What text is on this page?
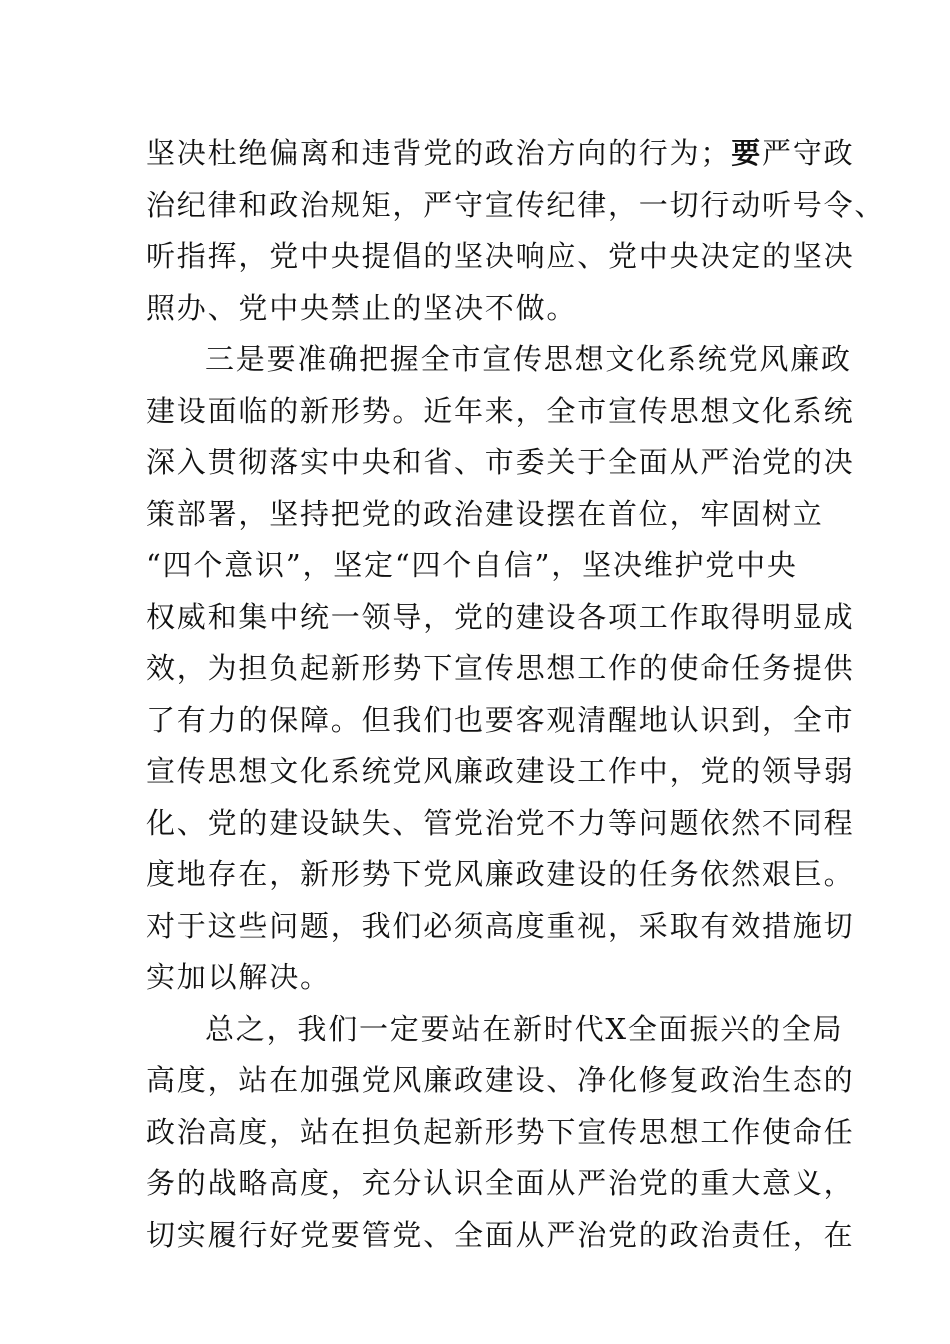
坚决杜绝偏离和违背党的政治方向的行为；要严守政
治纪律和政治规矩，严守宣传纪律，一切行动听号令、
听指挥，党中央提倡的坚决响应、党中央决定的坚决
照办、党中央禁止的坚决不做。
三是要准确把握全市宣传思想文化系统党风廉政
建设面临的新形势。近年来，全市宣传思想文化系统
深入贯彻落实中央和省、市委关于全面从严治党的决
策部署，坚持把党的政治建设摆在首位，牢固树立
“四个意识”，坚定“四个自信”，坚决维护党中央
权威和集中统一领导，党的建设各项工作取得明显成
效，为担负起新形势下宣传思想工作的使命任务提供
了有力的保障。但我们也要客观清醒地认识到，全市
宣传思想文化系统党风廉政建设工作中，党的领导弱
化、党的建设缺失、管党治党不力等问题依然不同程
度地存在，新形势下党风廉政建设的任务依然艰巨。
对于这些问题，我们必须高度重视，采取有效措施切
实加以解决。
总之，我们一定要站在新时代X全面振兴的全局
高度，站在加强党风廉政建设、净化修复政治生态的
政治高度，站在担负起新形势下宣传思想工作使命任
务的战略高度，充分认识全面从严治党的重大意义，
切实履行好党要管党、全面从严治党的政治责任，在
